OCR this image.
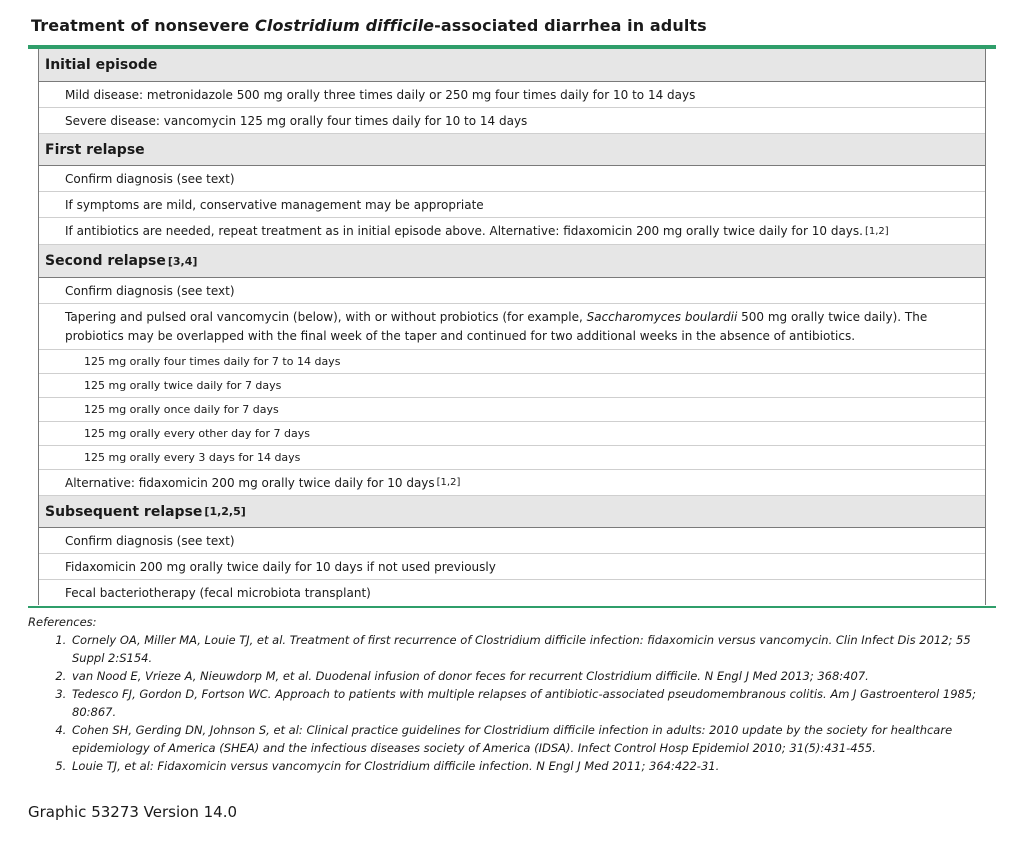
Treatment of nonsevere Clostridium difficile-associated diarrhea in adults
Initial episode
Mild disease: metronidazole 500 mg orally three times daily or 250 mg four times daily for 10 to 14 days
Severe disease: vancomycin 125 mg orally four times daily for 10 to 14 days
First relapse
Confirm diagnosis (see text)
If symptoms are mild, conservative management may be appropriate
If antibiotics are needed, repeat treatment as in initial episode above. Alternative: fidaxomicin 200 mg orally twice daily for 10 days. [1,2]
Second relapse [3,4]
Confirm diagnosis (see text)
Tapering and pulsed oral vancomycin (below), with or without probiotics (for example, Saccharomyces boulardii 500 mg orally twice daily). The probiotics may be overlapped with the final week of the taper and continued for two additional weeks in the absence of antibiotics.
125 mg orally four times daily for 7 to 14 days
125 mg orally twice daily for 7 days
125 mg orally once daily for 7 days
125 mg orally every other day for 7 days
125 mg orally every 3 days for 14 days
Alternative: fidaxomicin 200 mg orally twice daily for 10 days [1,2]
Subsequent relapse [1,2,5]
Confirm diagnosis (see text)
Fidaxomicin 200 mg orally twice daily for 10 days if not used previously
Fecal bacteriotherapy (fecal microbiota transplant)
References:
1. Cornely OA, Miller MA, Louie TJ, et al. Treatment of first recurrence of Clostridium difficile infection: fidaxomicin versus vancomycin. Clin Infect Dis 2012; 55 Suppl 2:S154.
2. van Nood E, Vrieze A, Nieuwdorp M, et al. Duodenal infusion of donor feces for recurrent Clostridium difficile. N Engl J Med 2013; 368:407.
3. Tedesco FJ, Gordon D, Fortson WC. Approach to patients with multiple relapses of antibiotic-associated pseudomembranous colitis. Am J Gastroenterol 1985; 80:867.
4. Cohen SH, Gerding DN, Johnson S, et al: Clinical practice guidelines for Clostridium difficile infection in adults: 2010 update by the society for healthcare epidemiology of America (SHEA) and the infectious diseases society of America (IDSA). Infect Control Hosp Epidemiol 2010; 31(5):431-455.
5. Louie TJ, et al: Fidaxomicin versus vancomycin for Clostridium difficile infection. N Engl J Med 2011; 364:422-31.
Graphic 53273 Version 14.0
